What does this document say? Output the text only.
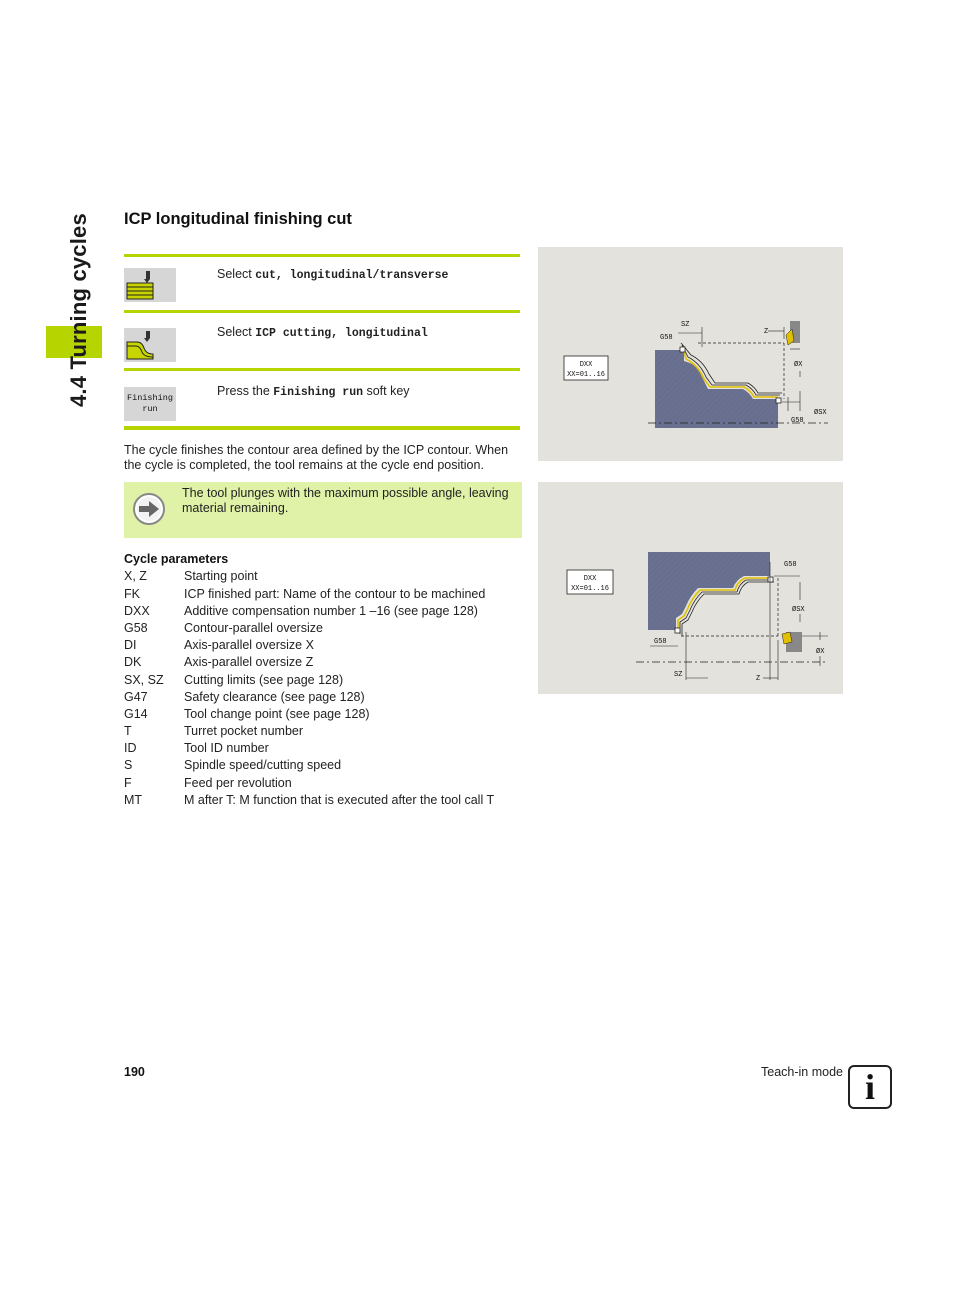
4.4 Turning cycles ICP longitudinal finishing cut
Select cut, longitudinal/transverse
Select ICP cutting, longitudinal
Finishing
run
Press the Finishing run soft key
The cycle finishes the contour area defined by the ICP contour. When the cycle is completed, the tool remains at the cycle end position.
The tool plunges with the maximum possible angle, leaving material remaining.
Cycle parameters
X, Z	Starting point
FK	ICP finished part: Name of the contour to be machined
DXX	Additive compensation number 1 –16 (see page 128)
G58	Contour-parallel oversize
DI	Axis-parallel oversize X
DK	Axis-parallel oversize Z
SX, SZ Cutting limits (see page 128)
G47	Safety clearance (see page 128)
G14	Tool change point (see page 128)
T	Turret pocket number
ID	Tool ID number
S	Spindle speed/cutting speed
F	Feed per revolution
MT	M after T: M function that is executed after the tool call T
DXX
XX=01..16
SZ
Z
G58
ØX
ØSX
G58
DXX
XX=01..16
G58
ØSX
ØX
G58
SZ	Z
190	Teach-in mode i
